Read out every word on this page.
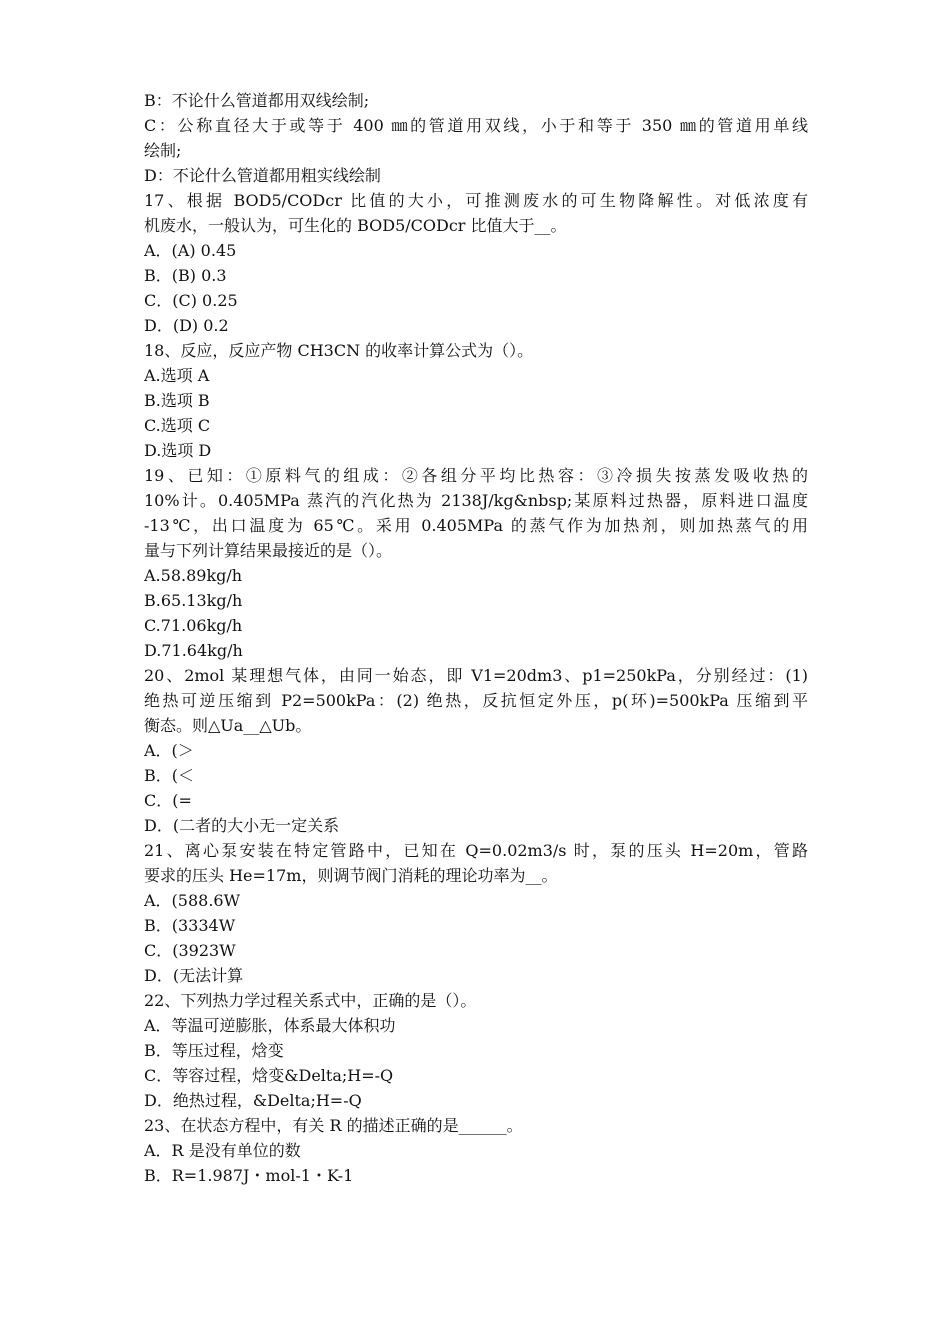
B：不论什么管道都用双线绘制;
C：公称直径大于或等于 400 ㎜的管道用双线，小于和等于 350 ㎜的管道用单线
绘制;
D：不论什么管道都用粗实线绘制
17、根据 BOD5/CODcr 比值的大小，可推测废水的可生物降解性。对低浓度有
机废水，一般认为，可生化的 BOD5/CODcr 比值大于__。
A．(A) 0.45
B．(B) 0.3
C．(C) 0.25
D．(D) 0.2
18、反应，反应产物 CH3CN 的收率计算公式为（）。
A.选项 A
B.选项 B
C.选项 C
D.选项 D
19、已知：①原料气的组成：②各组分平均比热容：③冷损失按蒸发吸收热的
10%计。0.405MPa 蒸汽的汽化热为 2138J/kg&nbsp;某原料过热器，原料进口温度
-13℃，出口温度为 65℃。采用 0.405MPa 的蒸气作为加热剂，则加热蒸气的用
量与下列计算结果最接近的是（）。
A.58.89kg/h
B.65.13kg/h
C.71.06kg/h
D.71.64kg/h
20、2mol 某理想气体，由同一始态，即 V1=20dm3、p1=250kPa，分别经过：(1)
绝热可逆压缩到 P2=500kPa：(2) 绝热，反抗恒定外压，p(环)=500kPa 压缩到平
衡态。则△Ua__△Ub。
A．(＞
B．(＜
C．(=
D．(二者的大小无一定关系
21、离心泵安装在特定管路中，已知在 Q=0.02m3/s 时，泵的压头 H=20m，管路
要求的压头 He=17m，则调节阀门消耗的理论功率为__。
A．(588.6W
B．(3334W
C．(3923W
D．(无法计算
22、下列热力学过程关系式中，正确的是（）。
A．等温可逆膨胀，体系最大体积功
B．等压过程，焓变
C．等容过程，焓变&Delta;H=-Q
D．绝热过程，&Delta;H=-Q
23、在状态方程中，有关 R 的描述正确的是______。
A．R 是没有单位的数
B．R=1.987J・mol-1・K-1
